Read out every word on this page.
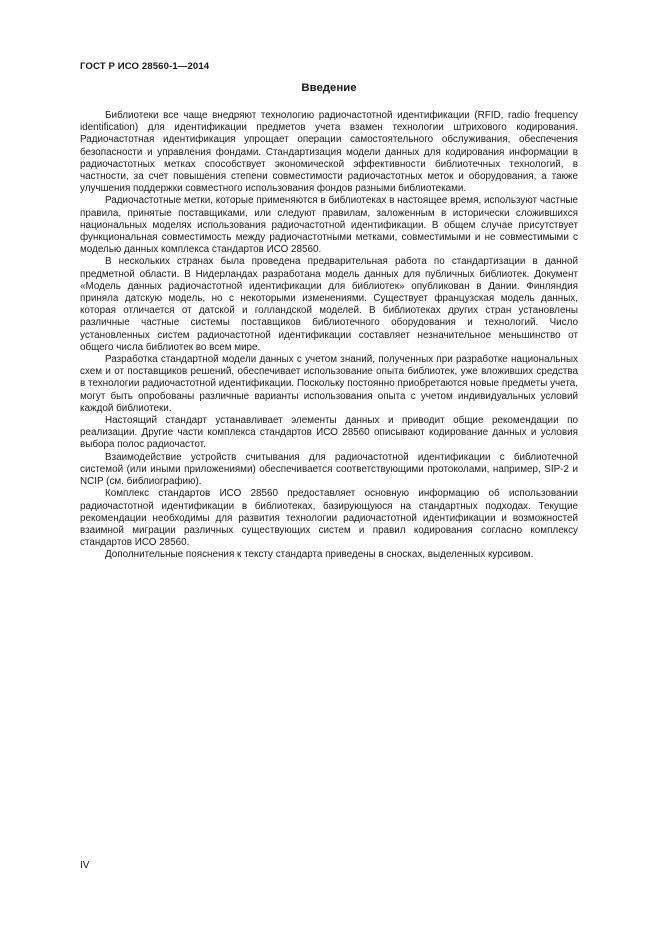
ГОСТ Р ИСО 28560-1—2014
Введение

Библиотеки все чаще внедряют технологию радиочастотной идентификации (RFID, radio frequency identification) для идентификации предметов учета взамен технологии штрихового кодирования. Радиочастотная идентификация упрощает операции самостоятельного обслуживания, обеспечения безопасности и управления фондами. Стандартизация модели данных для кодирования информации в радиочастотных метках способствует экономической эффективности библиотечных технологий, в частности, за счет повышения степени совместимости радиочастотных меток и оборудования, а также улучшения поддержки совместного использования фондов разными библиотеками.

Радиочастотные метки, которые применяются в библиотеках в настоящее время, используют частные правила, принятые поставщиками, или следуют правилам, заложенным в исторически сложившихся национальных моделях использования радиочастотной идентификации. В общем случае присутствует функциональная совместимость между радиочастотными метками, совместимыми и не совместимыми с моделью данных комплекса стандартов ИСО 28560.

В нескольких странах была проведена предварительная работа по стандартизации в данной предметной области. В Нидерландах разработана модель данных для публичных библиотек. Документ «Модель данных радиочастотной идентификации для библиотек» опубликован в Дании. Финляндия приняла датскую модель, но с некоторыми изменениями. Существует французская модель данных, которая отличается от датской и голландской моделей. В библиотеках других стран установлены различные частные системы поставщиков библиотечного оборудования и технологий. Число установленных систем радиочастотной идентификации составляет незначительное меньшинство от общего числа библиотек во всем мире.

Разработка стандартной модели данных с учетом знаний, полученных при разработке национальных схем и от поставщиков решений, обеспечивает использование опыта библиотек, уже вложивших средства в технологии радиочастотной идентификации. Поскольку постоянно приобретаются новые предметы учета, могут быть опробованы различные варианты использования опыта с учетом индивидуальных условий каждой библиотеки.

Настоящий стандарт устанавливает элементы данных и приводит общие рекомендации по реализации. Другие части комплекса стандартов ИСО 28560 описывают кодирование данных и условия выбора полос радиочастот.

Взаимодействие устройств считывания для радиочастотной идентификации с библиотечной системой (или иными приложениями) обеспечивается соответствующими протоколами, например, SIP-2 и NCIP (см. библиографию).

Комплекс стандартов ИСО 28560 предоставляет основную информацию об использовании радиочастотной идентификации в библиотеках, базирующуюся на стандартных подходах. Текущие рекомендации необходимы для развития технологии радиочастотной идентификации и возможностей взаимной миграции различных существующих систем и правил кодирования согласно комплексу стандартов ИСО 28560.

Дополнительные пояснения к тексту стандарта приведены в сносках, выделенных курсивом.

IV
